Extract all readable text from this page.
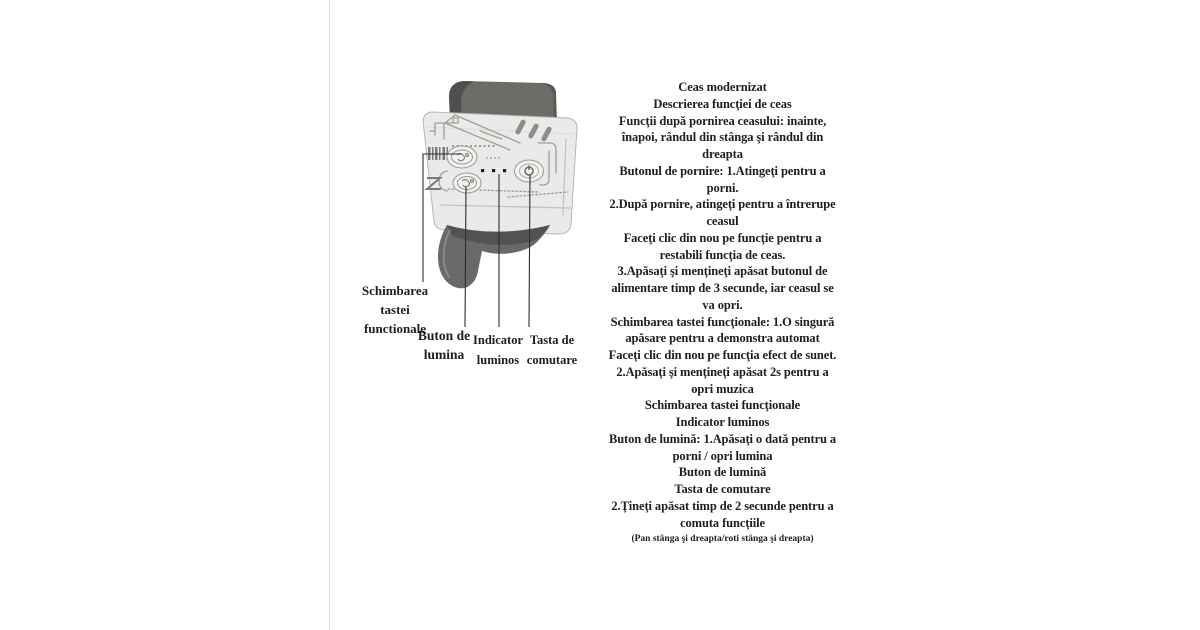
Schimbarea tastei functionale
Buton de lumina
Indicator luminos
Tasta de comutare
Ceas modernizat
Descrierea funcţiei de ceas
Funcţii după pornirea ceasului: inainte,
înapoi, rândul din stânga şi rândul din
dreapta
Butonul de pornire: 1.Atingeţi pentru a
porni.
2.După pornire, atingeţi pentru a întrerupe
ceasul
Faceţi clic din nou pe funcţie pentru a
restabili funcţia de ceas.
3.Apăsaţi şi menţineţi apăsat butonul de
alimentare timp de 3 secunde, iar ceasul se
va opri.
Schimbarea tastei funcţionale: 1.O singură
apăsare pentru a demonstra automat
Faceţi clic din nou pe funcţia efect de sunet.
2.Apăsaţi şi menţineţi apăsat 2s pentru a
opri muzica
Schimbarea tastei funcţionale
Indicator luminos
Buton de lumină: 1.Apăsaţi o dată pentru a
porni / opri lumina
Buton de lumină
Tasta de comutare
2.Ţineţi apăsat timp de 2 secunde pentru a
comuta funcţiile
(Pan stânga şi dreapta/roti stânga şi dreapta)
